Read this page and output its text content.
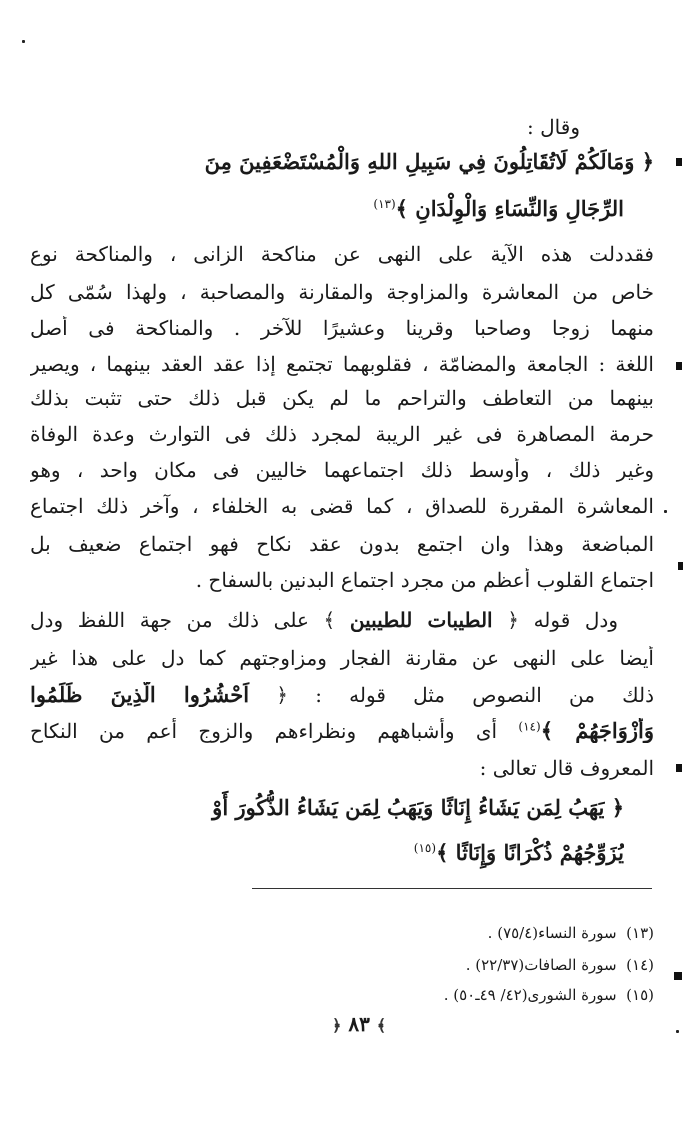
وقال :
﴿ وَمَالَكُمْ لَاتُقَاتِلُونَ فِي سَبِيلِ اللهِ وَالْمُسْتَضْعَفِينَ مِنَ
الرِّجَالِ وَالنِّسَاءِ وَالْوِلْدَانِ ﴾$^{(١٣)}$
فقددلت هذه الآية على النهى عن مناكحة الزانى ، والمناكحة نوع
خاص من المعاشرة والمزاوجة والمقارنة والمصاحبة ، ولهذا سُمّى كل
منهما زوجا وصاحبا وقرينا وعشيرًا للآخر . والمناكحة فى أصل
اللغة : الجامعة والمضامّة ، فقلوبهما تجتمع إذا عقد العقد بينهما ، ويصير
بينهما من التعاطف والتراحم ما لم يكن قبل ذلك حتى تثبت بذلك
حرمة المصاهرة فى غير الريبة لمجرد ذلك فى التوارث وعدة الوفاة
وغير ذلك ، وأوسط ذلك اجتماعهما خاليين فى مكان واحد ، وهو
المعاشرة المقررة للصداق ، كما قضى به الخلفاء ، وآخر ذلك اجتماع
المباضعة وهذا وان اجتمع بدون عقد نكاح فهو اجتماع ضعيف بل
اجتماع القلوب أعظم من مجرد اجتماع البدنين بالسفاح .
ودل قوله ﴿ الطيبات للطيبين ﴾ على ذلك من جهة اللفظ ودل
أيضا على النهى عن مقارنة الفجار ومزاوجتهم كما دل على هذا غير
ذلك من النصوص مثل قوله : ﴿ اَحْشُرُوا الَّذِينَ ظَلَمُوا
وَأَزْوَاجَهُمْ ﴾$^{(١٤)}$ أى وأشباههم ونظراءهم والزوج أعم من النكاح
المعروف قال تعالى :
﴿ يَهَبُ لِمَن يَشَاءُ إِنَاثًا وَيَهَبُ لِمَن يَشَاءُ الذُّكُورَ أَوْ
يُزَوِّجُهُمْ ذُكْرَانًا وَإِنَاثًا ﴾$^{(١٥)}$
(١٣)  سورة النساء(٧٥/٤) .
(١٤)  سورة الصافات(٢٢/٣٧) .
(١٥)  سورة الشورى(٤٢/ ٤٩ـ٥٠) .
﴾ ٨٣ ﴿
